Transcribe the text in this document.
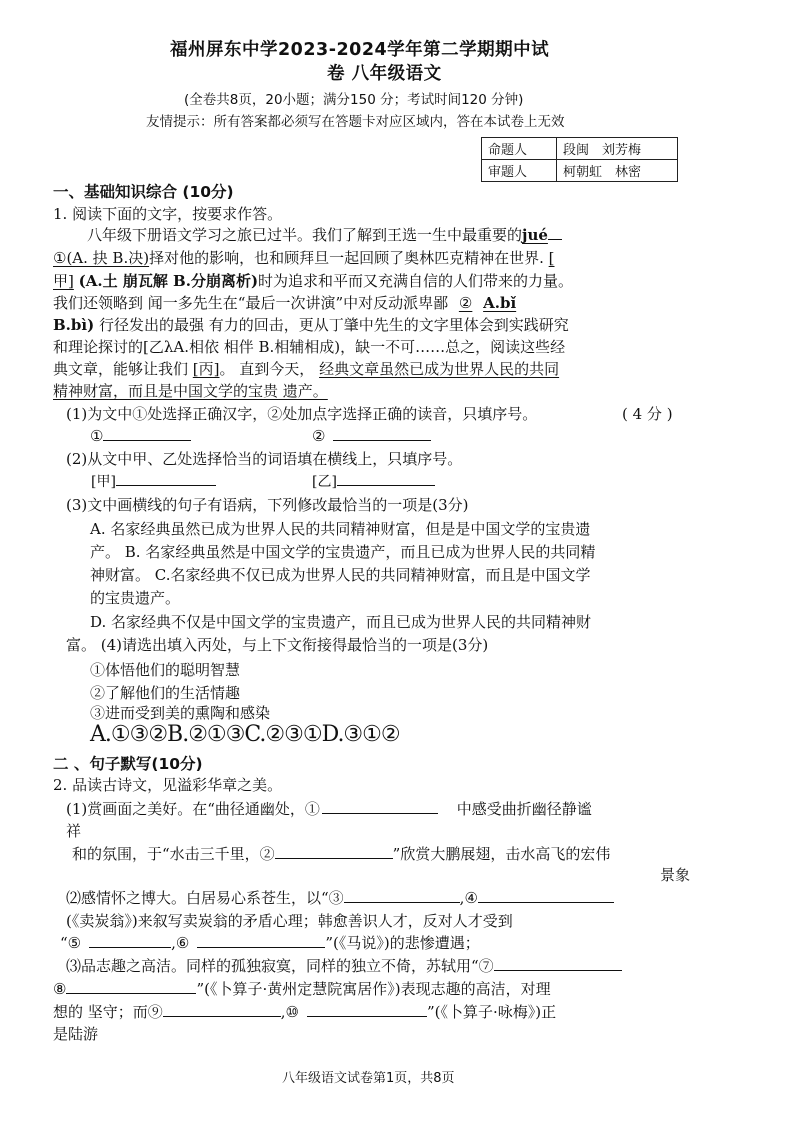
福州屏东中学2023-2024学年第二学期期中试
卷 八年级语文
(全卷共8页，20小题；满分150 分；考试时间120 分钟)
友情提示：所有答案都必须写在答题卡对应区域内，答在本试卷上无效
命题人	段闽　刘芳梅
审题人	柯朝虹　林密
一、基础知识综合 (10分)
1. 阅读下面的文字，按要求作答。
八年级下册语文学习之旅已过半。我们了解到王选一生中最重要的jué
①(A. 抉 B.决)择对他的影响，也和顾拜旦一起回顾了奥林匹克精神在世界. [
甲] (A.土 崩瓦解 B.分崩离析)时为追求和平而又充满自信的人们带来的力量。
我们还领略到 闻一多先生在“最后一次讲演”中对反动派卑鄙 ② A.bǐ
B.bì) 行径发出的最强 有力的回击，更从丁肇中先生的文字里体会到实践研究
和理论探讨的[乙λA.相依 相伴 B.相辅相成)，缺一不可……总之，阅读这些经
典文章，能够让我们 [丙]。 直到今天， 经典文章虽然已成为世界人民的共同
精神财富，而且是中国文学的宝贵 遗产。
(1)为文中①处选择正确汉字，②处加点字选择正确的读音，只填序号。	( 4 分 )
①	②
(2)从文中甲、乙处选择恰当的词语填在横线上，只填序号。
[甲]	[乙]
(3)文中画横线的句子有语病，下列修改最恰当的一项是(3分)
A. 名家经典虽然已成为世界人民的共同精神财富，但是是中国文学的宝贵遗
产。 B. 名家经典虽然是中国文学的宝贵遗产，而且已成为世界人民的共同精
神财富。 C.名家经典不仅已成为世界人民的共同精神财富，而且是中国文学
的宝贵遗产。
D. 名家经典不仅是中国文学的宝贵遗产，而且已成为世界人民的共同精神财
富。 (4)请选出填入丙处，与上下文衔接得最恰当的一项是(3分)
①体悟他们的聪明智慧
②了解他们的生活情趣
③进而受到美的熏陶和感染
A.①③②B.②①③C.②③①D.③①②
二 、句子默写(10分)
2. 品读古诗文，见溢彩华章之美。
(1)赏画面之美好。在“曲径通幽处，①	中感受曲折幽径静谧
祥
和的氛围，于“水击三千里，②	”欣赏大鹏展翅，击水高飞的宏伟
景象
⑵感情怀之博大。白居易心系苍生，以“③	,④
(《卖炭翁》)来叙写卖炭翁的矛盾心理；韩愈善识人才，反对人才受到
“⑤	,⑥	”(《马说》)的悲惨遭遇；
⑶品志趣之高洁。同样的孤独寂寞，同样的独立不倚，苏轼用“⑦
⑧	”(《卜算子·黄州定慧院寓居作》)表现志趣的高洁，对理
想的 坚守；而⑨	,⑩	”(《卜算子·咏梅》)正
是陆游
八年级语文试卷第1页，共8页
